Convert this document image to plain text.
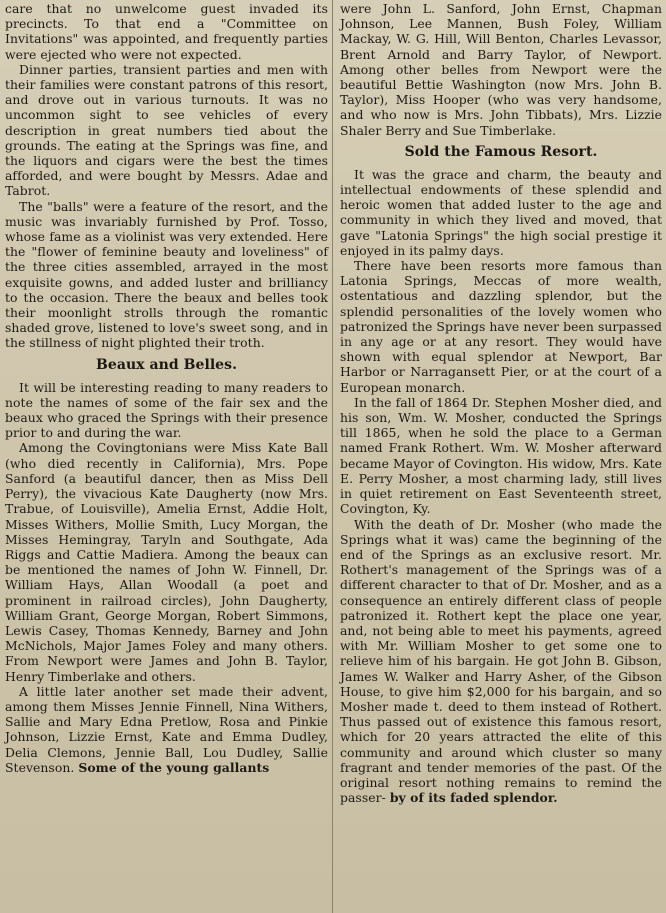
care that no unwelcome guest invaded its precincts. To that end a "Committee on Invitations" was appointed, and frequently parties were ejected who were not expected.

Dinner parties, transient parties and men with their families were constant patrons of this resort, and drove out in various turnouts. It was no uncommon sight to see vehicles of every description in great numbers tied about the grounds. The eating at the Springs was fine, and the liquors and cigars were the best the times afforded, and were bought by Messrs. Adae and Tabrot.

The "balls" were a feature of the resort, and the music was invariably furnished by Prof. Tosso, whose fame as a violinist was very extended. Here the "flower of feminine beauty and loveliness" of the three cities assembled, arrayed in the most exquisite gowns, and added luster and brilliancy to the occasion. There the beaux and belles took their moonlight strolls through the romantic shaded grove, listened to love's sweet song, and in the stillness of night plighted their troth.

Beaux and Belles.

It will be interesting reading to many readers to note the names of some of the fair sex and the beaux who graced the Springs with their presence prior to and during the war.

Among the Covingtonians were Miss Kate Ball (who died recently in California), Mrs. Pope Sanford (a beautiful dancer, then as Miss Dell Perry), the vivacious Kate Daugherty (now Mrs. Trabue, of Louisville), Amelia Ernst, Addie Holt, Misses Withers, Mollie Smith, Lucy Morgan, the Misses Hemingray, Taryln and Southgate, Ada Riggs and Cattie Madiera. Among the beaux can be mentioned the names of John W. Finnell, Dr. William Hays, Allan Woodall (a poet and prominent in railroad circles), John Daugherty, William Grant, George Morgan, Robert Simmons, Lewis Casey, Thomas Kennedy, Barney and John McNichols, Major James Foley and many others. From Newport were James and John B. Taylor, Henry Timberlake and others.

A little later another set made their advent, among them Misses Jennie Finnell, Nina Withers, Sallie and Mary Edna Pretlow, Rosa and Pinkie Johnson, Lizzie Ernst, Kate and Emma Dudley, Delia Clemons, Jennie Ball, Lou Dudley, Sallie Stevenson. Some of the young gallants

were John L. Sanford, John Ernst, Chapman Johnson, Lee Mannen, Bush Foley, William Mackay, W. G. Hill, Will Benton, Charles Levassor, Brent Arnold and Barry Taylor, of Newport. Among other belles from Newport were the beautiful Bettie Washington (now Mrs. John B. Taylor), Miss Hooper (who was very handsome, and who now is Mrs. John Tibbats), Mrs. Lizzie Shaler Berry and Sue Timberlake.

Sold the Famous Resort.

It was the grace and charm, the beauty and intellectual endowments of these splendid and heroic women that added luster to the age and community in which they lived and moved, that gave "Latonia Springs" the high social prestige it enjoyed in its palmy days.

There have been resorts more famous than Latonia Springs, Meccas of more wealth, ostentatious and dazzling splendor, but the splendid personalities of the lovely women who patronized the Springs have never been surpassed in any age or at any resort. They would have shown with equal splendor at Newport, Bar Harbor or Narragansett Pier, or at the court of a European monarch.

In the fall of 1864 Dr. Stephen Mosher died, and his son, Wm. W. Mosher, conducted the Springs till 1865, when he sold the place to a German named Frank Rothert. Wm. W. Mosher afterward became Mayor of Covington. His widow, Mrs. Kate E. Perry Mosher, a most charming lady, still lives in quiet retirement on East Seventeenth street, Covington, Ky.

With the death of Dr. Mosher (who made the Springs what it was) came the beginning of the end of the Springs as an exclusive resort. Mr. Rothert's management of the Springs was of a different character to that of Dr. Mosher, and as a consequence an entirely different class of people patronized it. Rothert kept the place one year, and, not being able to meet his payments, agreed with Mr. William Mosher to get some one to relieve him of his bargain. He got John B. Gibson, James W. Walker and Harry Asher, of the Gibson House, to give him $2,000 for his bargain, and so Mosher made t. deed to them instead of Rothert. Thus passed out of existence this famous resort, which for 20 years attracted the elite of this community and around which cluster so many fragrant and tender memories of the past. Of the original resort nothing remains to remind the passer- by of its faded splendor.
